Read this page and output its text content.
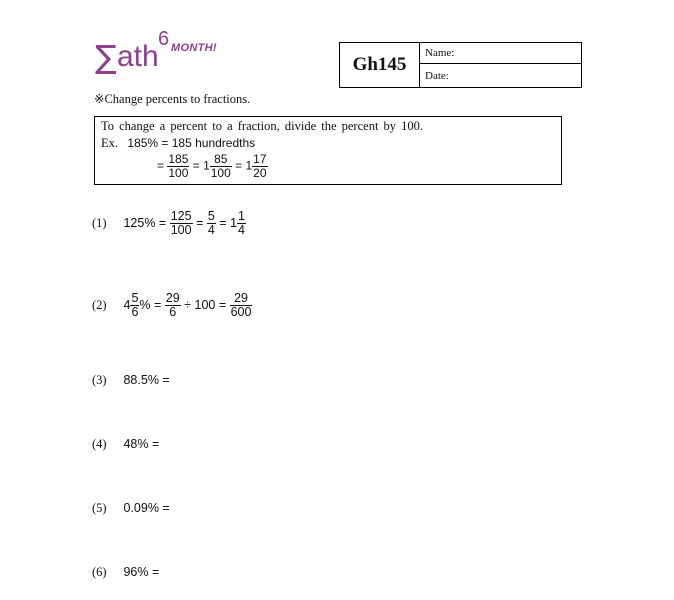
∑ ath
6 MONTH!
Gh145
Name:
Date:
※Change percents to fractions.
To change a percent to a fraction, divide the percent by 100.
Ex. 185% = 185 hundredths
= $\frac{185}{100} = 1 \frac{85}{100} = 1 \frac{17}{20}$
(1) $125\% = \frac{125}{100} = \frac{5}{4} = 1 \frac{1}{4}$
(2) $4 \frac{5}{6}$ % = $\frac{29}{6} \div 100 = \frac{29}{600}$
(3) 88.5% =
(4) 48% =
(5) 0.09% =
(6) 96% =
